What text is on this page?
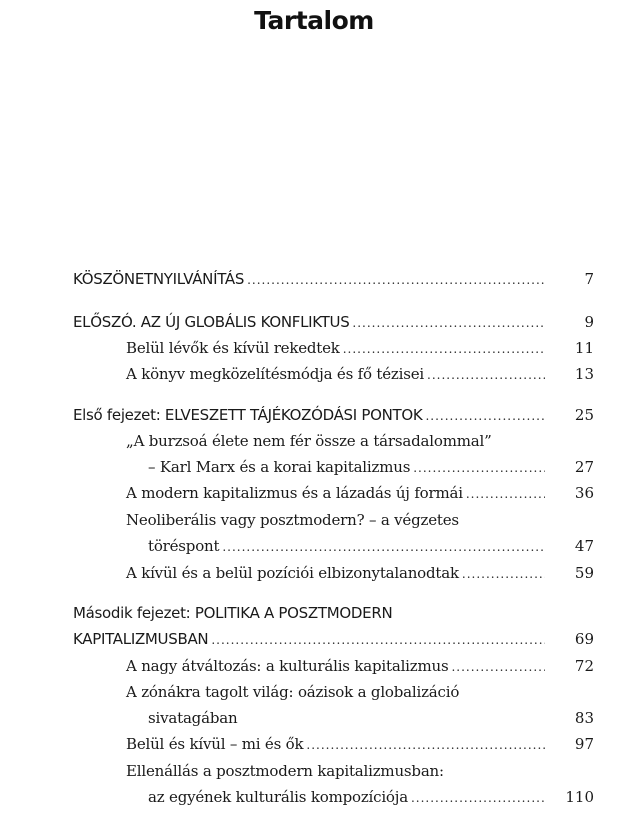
Tartalom
KÖSZÖNETNYILVÁNÍTÁS .....	7
ELŐSZÓ. AZ ÚJ GLOBÁLIS KONFLIKTUS .....	9
Belül lévők és kívül rekedtek .....	11
A könyv megközelítésmódja és fő tézisei .....	13
Első fejezet: ELVESZETT TÁJÉKOZÓDÁSI PONTOK .....	25
„A burzsoá élete nem fér össze a társadalommal”
– Karl Marx és a korai kapitalizmus .....	27
A modern kapitalizmus és a lázadás új formái .....	36
Neoliberális vagy posztmodern? – a végzetes
töréspont .....	47
A kívül és a belül pozíciói elbizonytalanodtak .....	59
Második fejezet: POLITIKA A POSZTMODERN
KAPITALIZMUSBAN .....	69
A nagy átváltozás: a kulturális kapitalizmus .....	72
A zónákra tagolt világ: oázisok a globalizáció
sivatagában	83
Belül és kívül – mi és ők .....	97
Ellenállás a posztmodern kapitalizmusban:
az egyének kulturális kompozíciója .....	110
